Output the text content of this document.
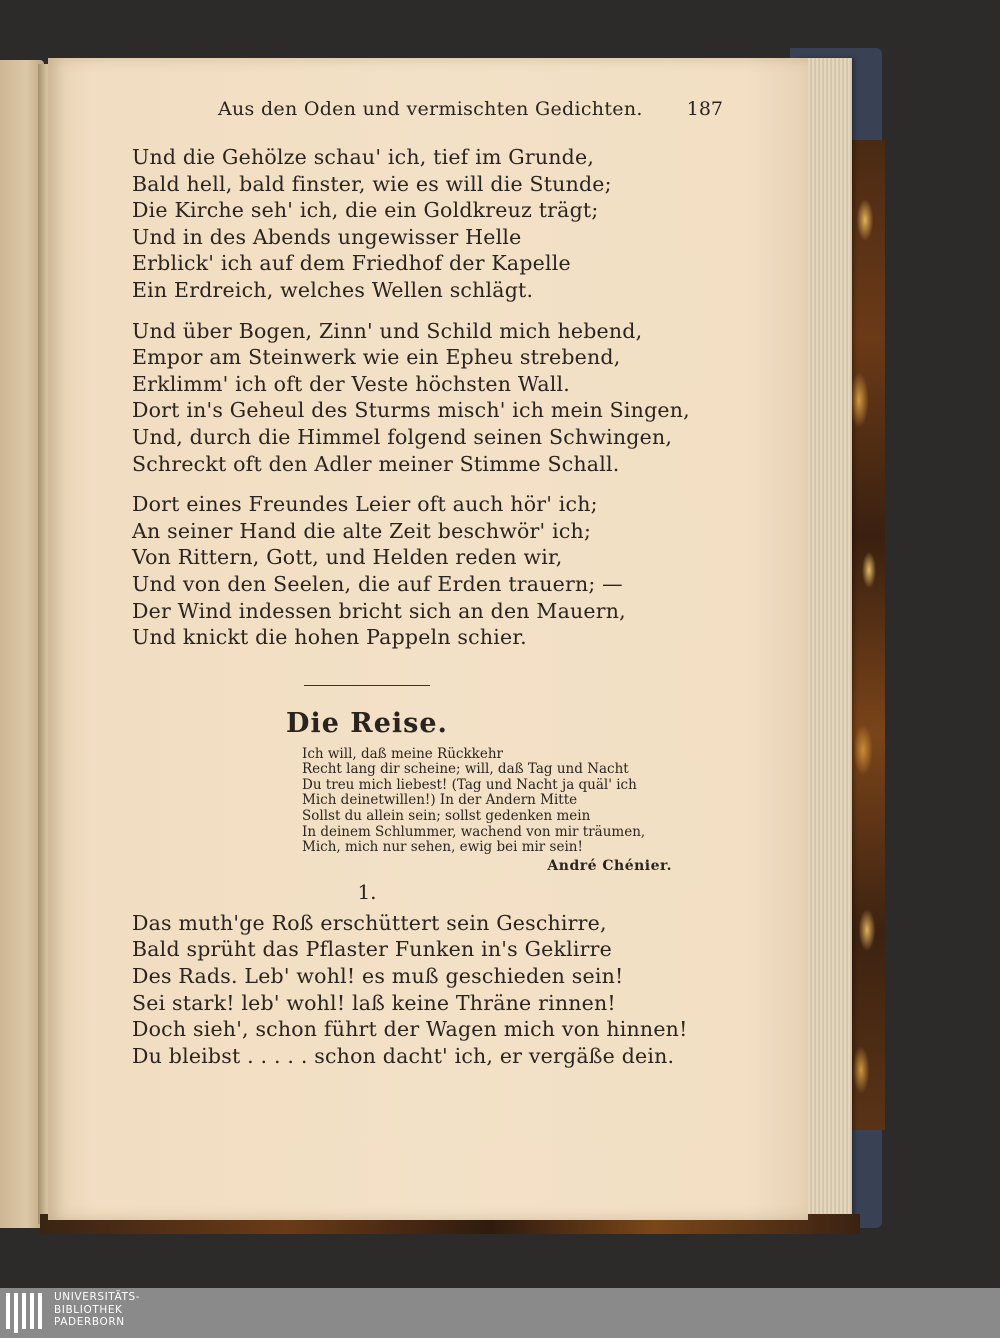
Aus den Oden und vermischten Gedichten. 187
Und die Gehölze schau' ich, tief im Grunde,
Bald hell, bald finster, wie es will die Stunde;
Die Kirche seh' ich, die ein Goldkreuz trägt;
Und in des Abends ungewisser Helle
Erblick' ich auf dem Friedhof der Kapelle
Ein Erdreich, welches Wellen schlägt.
Und über Bogen, Zinn' und Schild mich hebend,
Empor am Steinwerk wie ein Epheu strebend,
Erklimm' ich oft der Veste höchsten Wall.
Dort in's Geheul des Sturms misch' ich mein Singen,
Und, durch die Himmel folgend seinen Schwingen,
Schreckt oft den Adler meiner Stimme Schall.
Dort eines Freundes Leier oft auch hör' ich;
An seiner Hand die alte Zeit beschwör' ich;
Von Rittern, Gott, und Helden reden wir,
Und von den Seelen, die auf Erden trauern; —
Der Wind indessen bricht sich an den Mauern,
Und knickt die hohen Pappeln schier.
Die Reise.
Ich will, daß meine Rückkehr
Recht lang dir scheine; will, daß Tag und Nacht
Du treu mich liebest! (Tag und Nacht ja quäl' ich
Mich deinetwillen!) In der Andern Mitte
Sollst du allein sein; sollst gedenken mein
In deinem Schlummer, wachend von mir träumen,
Mich, mich nur sehen, ewig bei mir sein!
André Chénier.
1.
Das muth'ge Roß erschüttert sein Geschirre,
Bald sprüht das Pflaster Funken in's Geklirre
Des Rads. Leb' wohl! es muß geschieden sein!
Sei stark! leb' wohl! laß keine Thräne rinnen!
Doch sieh', schon führt der Wagen mich von hinnen!
Du bleibst . . . . . schon dacht' ich, er vergäße dein.
UNIVERSITÄTS-
BIBLIOTHEK
PADERBORN
